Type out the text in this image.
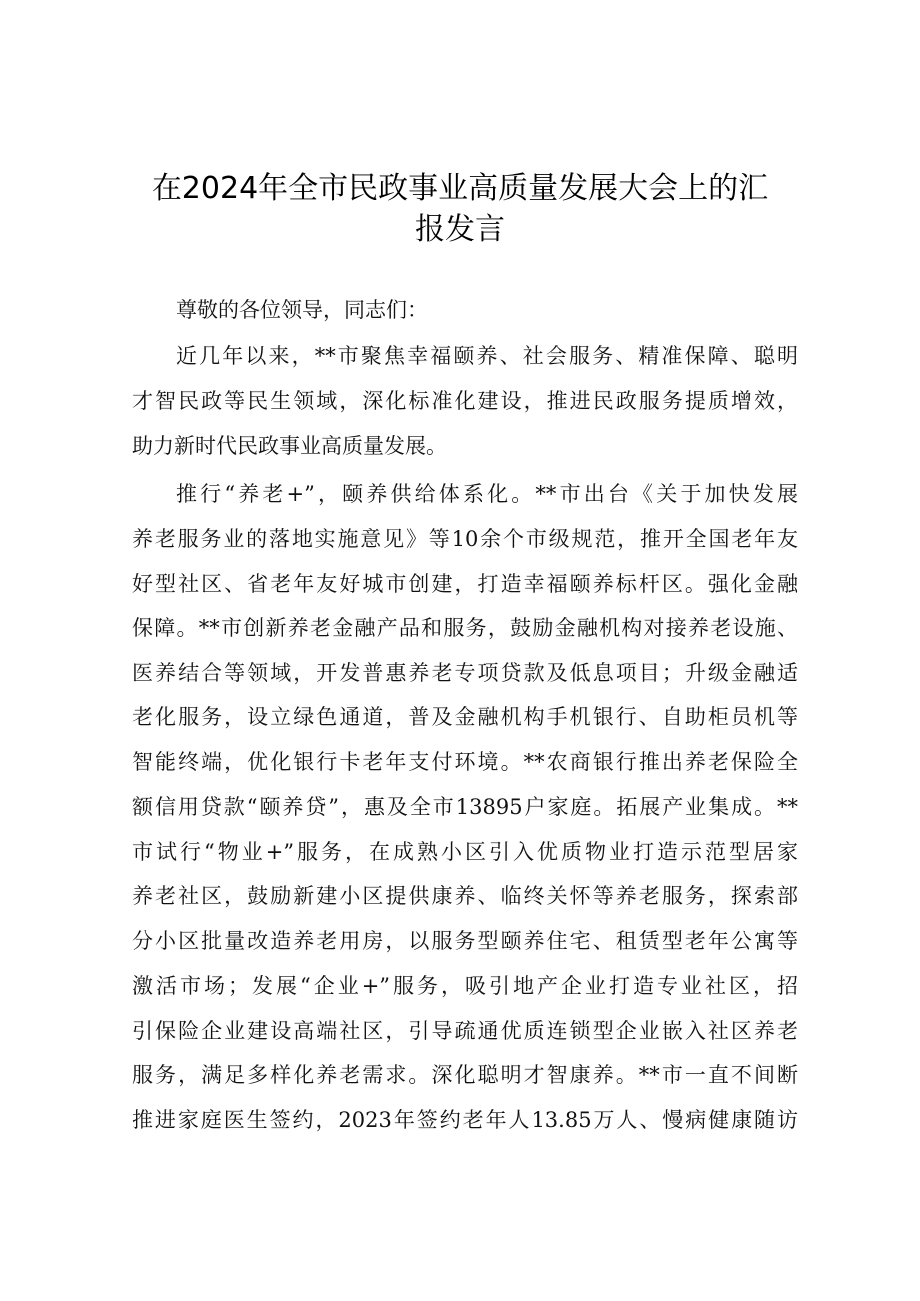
在2024年全市民政事业高质量发展大会上的汇
报发言
尊敬的各位领导，同志们：
近几年以来，**市聚焦幸福颐养、社会服务、精准保障、聪明
才智民政等民生领域，深化标准化建设，推进民政服务提质增效，
助力新时代民政事业高质量发展。
推行“养老+”，颐养供给体系化。**市出台《关于加快发展
养老服务业的落地实施意见》等10余个市级规范，推开全国老年友
好型社区、省老年友好城市创建，打造幸福颐养标杆区。强化金融
保障。**市创新养老金融产品和服务，鼓励金融机构对接养老设施、
医养结合等领域，开发普惠养老专项贷款及低息项目；升级金融适
老化服务，设立绿色通道，普及金融机构手机银行、自助柜员机等
智能终端，优化银行卡老年支付环境。**农商银行推出养老保险全
额信用贷款“颐养贷”，惠及全市13895户家庭。拓展产业集成。**
市试行“物业+”服务，在成熟小区引入优质物业打造示范型居家
养老社区，鼓励新建小区提供康养、临终关怀等养老服务，探索部
分小区批量改造养老用房，以服务型颐养住宅、租赁型老年公寓等
激活市场；发展“企业+”服务，吸引地产企业打造专业社区，招
引保险企业建设高端社区，引导疏通优质连锁型企业嵌入社区养老
服务，满足多样化养老需求。深化聪明才智康养。**市一直不间断
推进家庭医生签约，2023年签约老年人13.85万人、慢病健康随访
